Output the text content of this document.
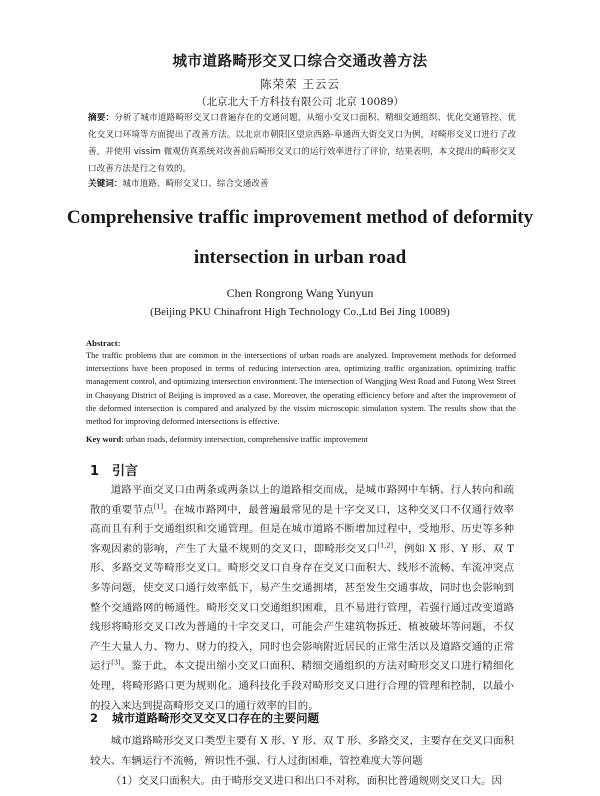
城市道路畸形交叉口综合交通改善方法
陈荣荣 王云云
（北京北大千方科技有限公司 北京 10089）
摘要：分析了城市道路畸形交叉口普遍存在的交通问题，从缩小交叉口面积、精细交通组织、优化交通管控、优化交叉口环境等方面提出了改善方法。以北京市朝阳区望京西路-阜通西大街交叉口为例，对畸形交叉口进行了改善，并使用 vissim 微观仿真系统对改善前后畸形交叉口的运行效率进行了评价，结果表明，本文提出的畸形交叉口改善方法是行之有效的。
关键词：城市道路、畸形交叉口、综合交通改善
Comprehensive traffic improvement method of deformity
intersection in urban road
Chen Rongrong Wang Yunyun
(Beijing PKU Chinafront High Technology Co.,Ltd Bei Jing 10089)
Abstract:
The traffic problems that are common in the intersections of urban roads are analyzed. Improvement methods for deformed intersections have been proposed in terms of reducing intersection area, optimizing traffic organization, optimizing traffic management control, and optimizing intersection environment. The intersection of Wangjing West Road and Futong West Street in Chaoyang District of Beijing is improved as a case. Moreover, the operating efficiency before and after the improvement of the deformed intersection is compared and analyzed by the vissim microscopic simulation system. The results show that the method for improving deformed intersections is effective.
Key word: urban roads, deformity intersection, comprehensive traffic improvement
1 引言
道路平面交叉口由两条或两条以上的道路相交而成，是城市路网中车辆、行人转向和疏散的重要节点[1]。在城市路网中，最普遍最常见的是十字交叉口，这种交叉口不仅通行效率高而且有利于交通组织和交通管理。但是在城市道路不断增加过程中，受地形、历史等多种客观因素的影响，产生了大量不规则的交叉口，即畸形交叉口[1,2]，例如 X 形、Y 形、双 T 形、多路交叉等畸形交叉口。畸形交叉口自身存在交叉口面积大、线形不流畅、车流冲突点多等问题，使交叉口通行效率低下，易产生交通拥堵，甚至发生交通事故，同时也会影响到整个交通路网的畅通性。畸形交叉口交通组织困难，且不易进行管理，若强行通过改变道路线形将畸形交叉口改为普通的十字交叉口，可能会产生建筑物拆迁、植被破坏等问题，不仅产生大量人力、物力、财力的投入，同时也会影响附近居民的正常生活以及道路交通的正常运行[3]。鉴于此，本文提出缩小交叉口面积、精细交通组织的方法对畸形交叉口进行精细化处理，将畸形路口更为规则化。通科技化手段对畸形交叉口进行合理的管理和控制，以最小的投入来达到提高畸形交叉口的通行效率的目的。
2 城市道路畸形交叉交叉口存在的主要问题
城市道路畸形交叉口类型主要有 X 形、Y 形、双 T 形、多路交叉，主要存在交叉口面积较大、车辆运行不流畅，辨识性不强、行人过街困难，管控难度大等问题
（1）交叉口面积大。由于畸形交叉进口和出口不对称，面积比普通规则交叉口大。因
